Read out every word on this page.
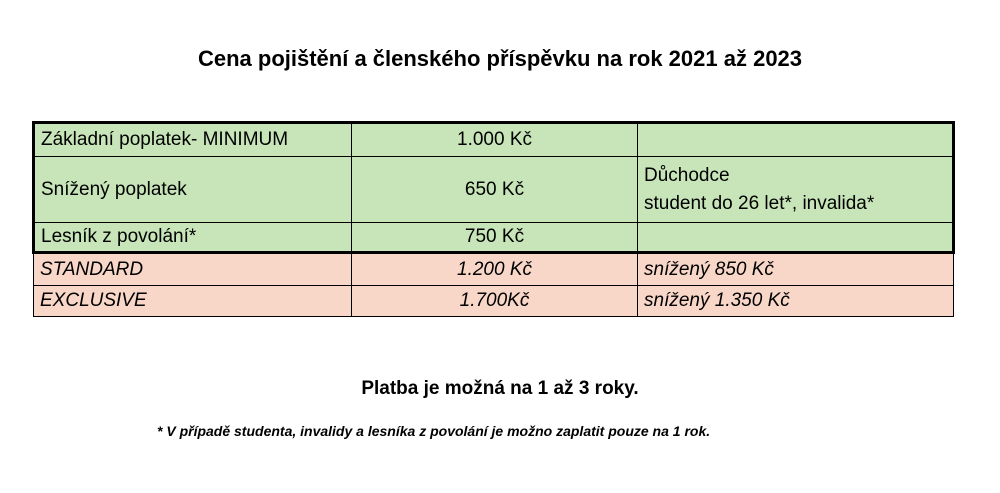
Cena pojištění a členského příspěvku na rok 2021 až 2023
Základní poplatek- MINIMUM	1.000 Kč	
Snížený poplatek	650 Kč	Důchodce
student do 26 let*, invalida*

Lesník z povolání*	750 Kč	
STANDARD	1.200 Kč	snížený 850 Kč
EXCLUSIVE	1.700Kč	snížený 1.350 Kč
Platba je možná na 1 až 3 roky.
* V případě studenta, invalidy a lesníka z povolání je možno zaplatit pouze na 1 rok.
